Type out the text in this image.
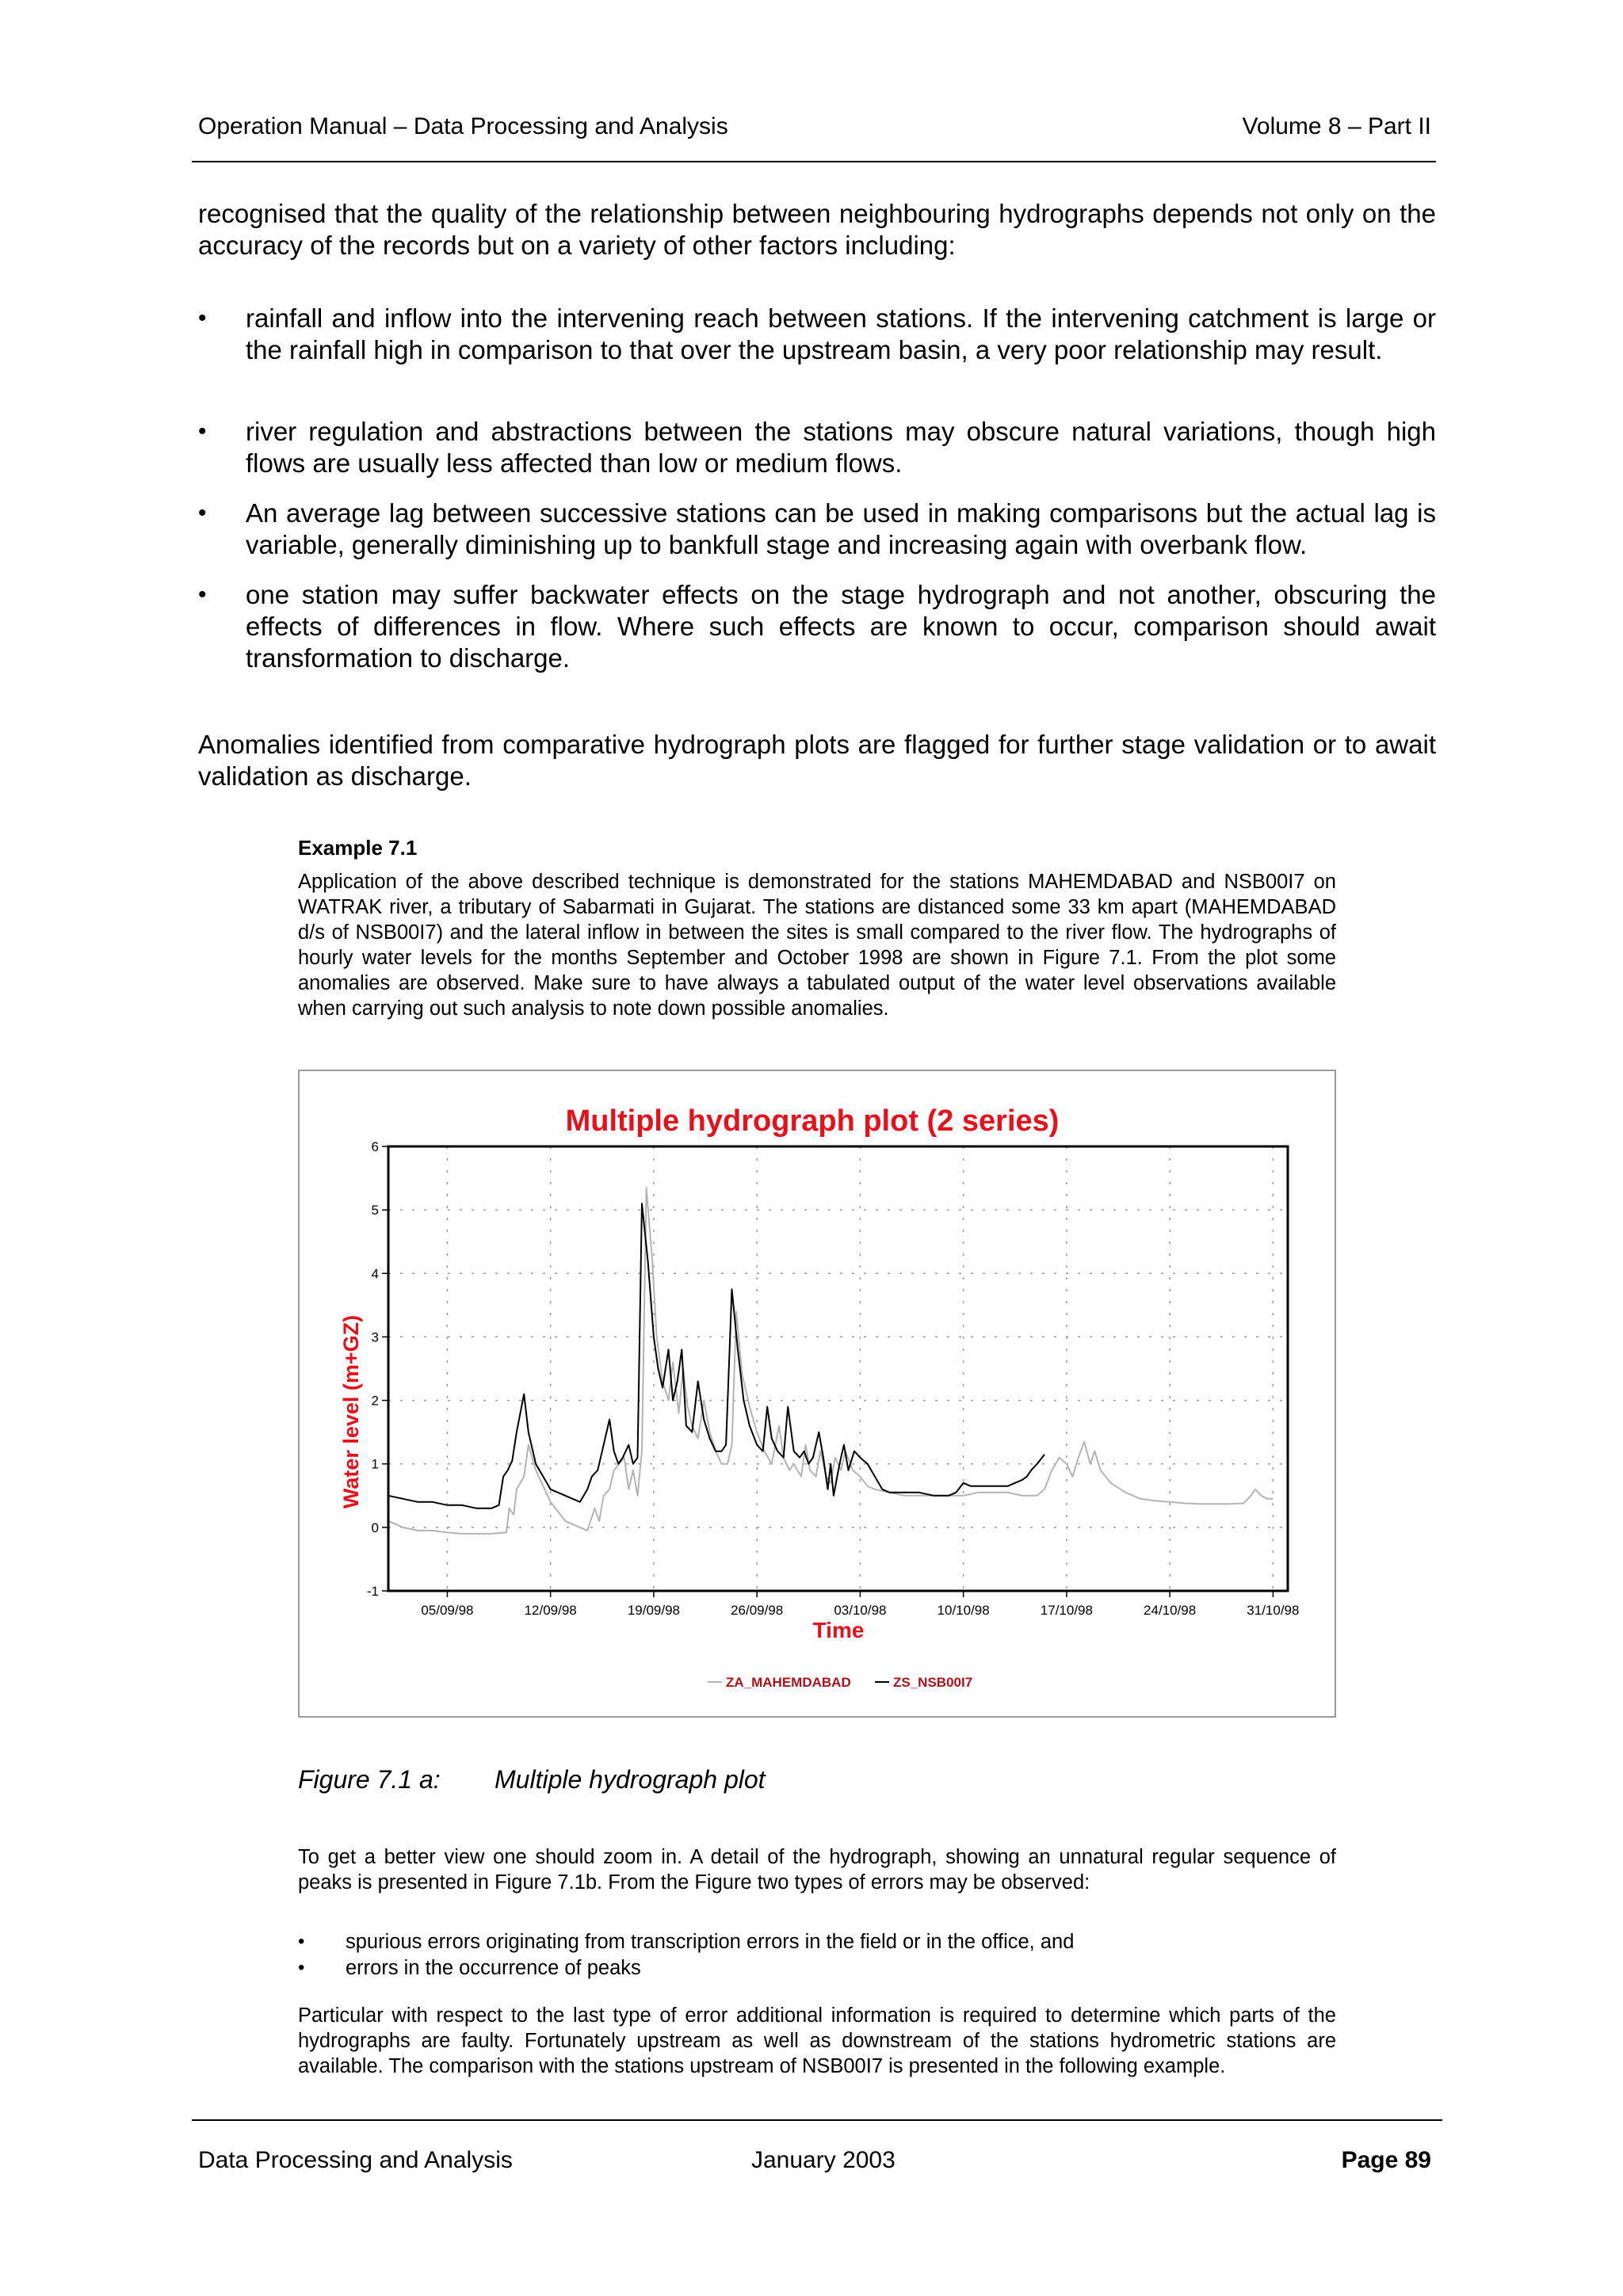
Operation Manual – Data Processing and Analysis	Volume 8 – Part II
recognised that the quality of the relationship between neighbouring hydrographs depends not only on the accuracy of the records but on a variety of other factors including:
• rainfall and inflow into the intervening reach between stations. If the intervening catchment is large or the rainfall high in comparison to that over the upstream basin, a very poor relationship may result.
• river regulation and abstractions between the stations may obscure natural variations, though high flows are usually less affected than low or medium flows.
• An average lag between successive stations can be used in making comparisons but the actual lag is variable, generally diminishing up to bankfull stage and increasing again with overbank flow.
• one station may suffer backwater effects on the stage hydrograph and not another, obscuring the effects of differences in flow. Where such effects are known to occur, comparison should await transformation to discharge.
Anomalies identified from comparative hydrograph plots are flagged for further stage validation or to await validation as discharge.
Example 7.1
Application of the above described technique is demonstrated for the stations MAHEMDABAD and NSB00I7 on WATRAK river, a tributary of Sabarmati in Gujarat. The stations are distanced some 33 km apart (MAHEMDABAD d/s of NSB00I7) and the lateral inflow in between the sites is small compared to the river flow. The hydrographs of hourly water levels for the months September and October 1998 are shown in Figure 7.1. From the plot some anomalies are observed. Make sure to have always a tabulated output of the water level observations available when carrying out such analysis to note down possible anomalies.
-1
0
1
2
3
4
5
6
05/09/98	12/09/98	19/09/98	26/09/98	03/10/98	10/10/98	17/10/98	24/10/98	31/10/98
Multiple hydrograph plot (2 series)
Time
Water level (m+GZ)
ZA_MAHEMDABAD	ZS_NSB00I7
Figure 7.1 a: Multiple hydrograph plot
To get a better view one should zoom in. A detail of the hydrograph, showing an unnatural regular sequence of peaks is presented in Figure 7.1b. From the Figure two types of errors may be observed:
• spurious errors originating from transcription errors in the field or in the office, and
• errors in the occurrence of peaks
Particular with respect to the last type of error additional information is required to determine which parts of the hydrographs are faulty. Fortunately upstream as well as downstream of the stations hydrometric stations are available. The comparison with the stations upstream of NSB00I7 is presented in the following example.
Data Processing and Analysis	January 2003	Page 89
